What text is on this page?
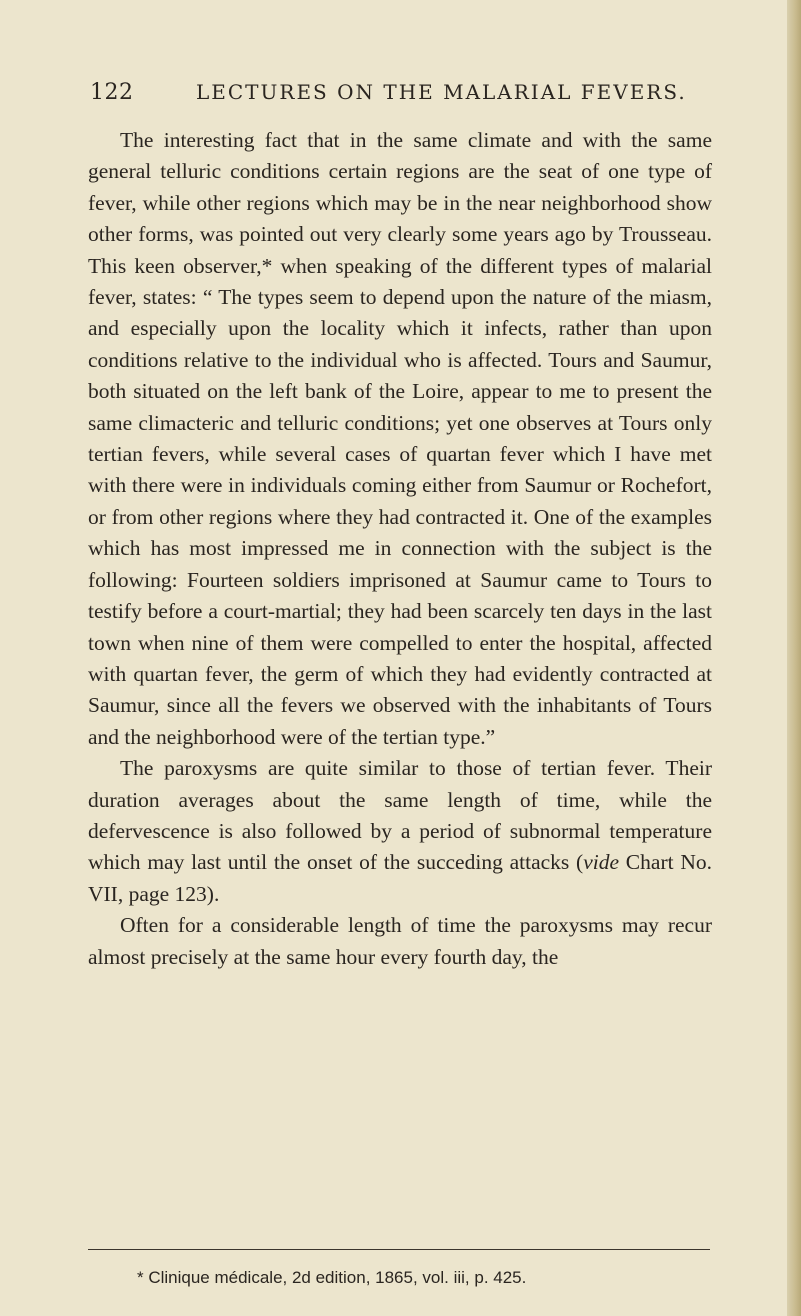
122	LECTURES ON THE MALARIAL FEVERS.

The interesting fact that in the same climate and with the same general telluric conditions certain regions are the seat of one type of fever, while other regions which may be in the near neighborhood show other forms, was pointed out very clearly some years ago by Trousseau. This keen observer,* when speaking of the different types of malarial fever, states: “ The types seem to depend upon the nature of the miasm, and especially upon the locality which it infects, rather than upon conditions relative to the individual who is affected. Tours and Saumur, both situated on the left bank of the Loire, appear to me to present the same climacteric and telluric conditions; yet one observes at Tours only tertian fevers, while several cases of quartan fever which I have met with there were in individuals coming either from Saumur or Rochefort, or from other regions where they had contracted it. One of the examples which has most impressed me in connection with the subject is the following: Fourteen soldiers imprisoned at Saumur came to Tours to testify before a court-martial; they had been scarcely ten days in the last town when nine of them were compelled to enter the hospital, affected with quartan fever, the germ of which they had evidently contracted at Saumur, since all the fevers we observed with the inhabitants of Tours and the neighborhood were of the tertian type.”

The paroxysms are quite similar to those of tertian fever. Their duration averages about the same length of time, while the defervescence is also followed by a period of subnormal temperature which may last until the onset of the succeding attacks (vide Chart No. VII, page 123).

Often for a considerable length of time the paroxysms may recur almost precisely at the same hour every fourth day, the

* Clinique médicale, 2d edition, 1865, vol. iii, p. 425.
